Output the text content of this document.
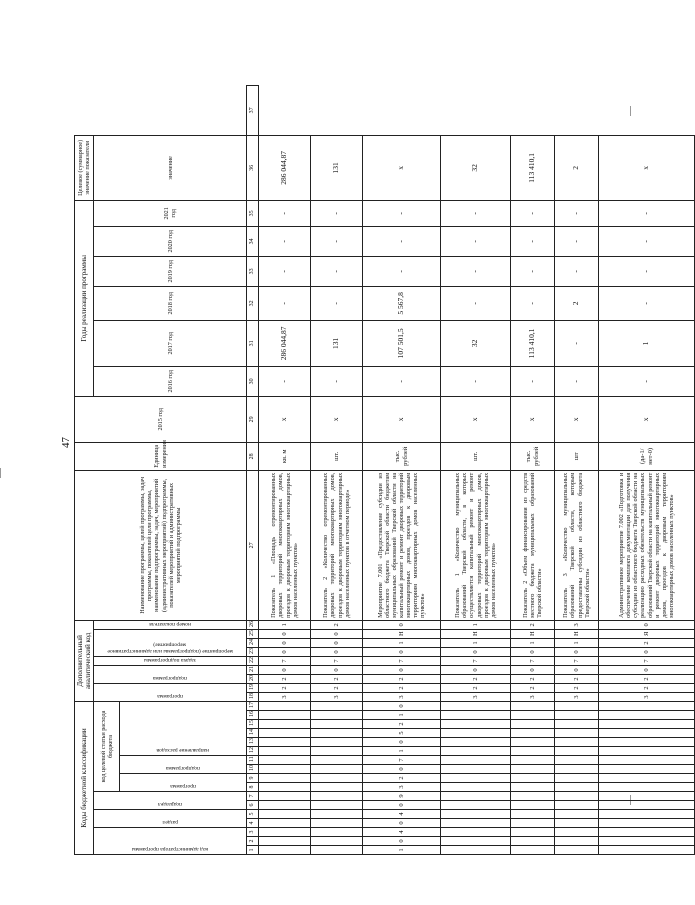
47
Коды бюджетной классификации																	Дополнительный аналитический код									Наименование программы, целей программы, задач программы, показателей цели программы, наименование подпрограммы, задач, мероприятий (административных мероприятий) подпрограммы, показателей мероприятий и административных мероприятий подпрограммы	Единица измерения	2015 год	Годы реализации программы						Целевое (суммарное) значение показателя	

код администратора программы			раздел		подраздел		код целевой статьи расхода бюджета										программа		подпрограмма		задача подпрограммы	мероприятие (подпрограммы или административное мероприятие)			номер показателя				2016 год	2017 год	2018 год	2019 год	2020 год	2021 год	значение	

							программа		подпрограмма		направление расходов																									

1	2	3	4	5	6	7	8	9	10	11	12	13	14	15	16	17	18	19	20	21	22	23	24	25	26	27	28	29	30	31	32	33	34	35	36	37
																	3	2	2	0	7	0	0	0	1	Показатель 1 «Площадь отремонтированных дворовых территорий многоквартирных домов, проездов к дворовым территориям многоквартирных домов населенных пунктов»	кв. м	х	-	286 044,87	-	-	-	-	286 044,87	
																	3	2	2	0	7	0	0	0	2	Показатель 2 «Количество отремонтированных дворовых территорий многоквартирных домов, проездов к дворовым территориям многоквартирных домов населенных пунктов в отчетном периоде»	шт.	х	-	131	-	-	-	-	131	
1	0	4	0	4	0	9	3	2	0	7	1	0	5	2	1	0	3	2	2	0	7	0	1	Н	0	Мероприятие 7.001 «Предоставление субсидии из областного бюджета Тверской области бюджетам муниципальных образований Тверской области на капитальный ремонт и ремонт дворовых территорий многоквартирных домов, проездов к дворовым территориям многоквартирных домов населенных пунктов»	тыс. рублей	х	-	107 501,5	5 567,8	-	-	-	х	
																	3	2	2	0	7	0	1	Н	1	Показатель 1 «Количество муниципальных образований Тверской области, в которых осуществляется капитальный ремонт и ремонт дворовых территорий многоквартирных домов, проездов к дворовым территориям многоквартирных домов населенных пунктов»	шт.	х	-	32	-	-	-	-	32	
																	3	2	2	0	7	0	1	Н	2	Показатель 2 «Объем финансирования из средств местного бюджета муниципальных образований Тверской области»	тыс. рублей	х	-	113 410,1	-	-	-	-	113 410,1	
																	3	2	2	0	7	0	1	Н	3	Показатель 3 «Количество муниципальных образований Тверской области, которым предоставлены субсидии из областного бюджета Тверской области»	шт	х	-	-	2	-	-	-	2	
																	3	2	2	0	7	0	2	Я	0	Административное мероприятие 7.002 «Подготовка и обеспечение комплекта документации для получения субсидии из областного бюджета Тверской области на реализацию расходных обязательств муниципальных образований Тверской области на капитальный ремонт и ремонт дворовых территорий многоквартирных домов, проездов к дворовым территориям многоквартирных домов населенных пунктов»	(да-1/нет-0)	х	-	1	-	-	-	-	х	
